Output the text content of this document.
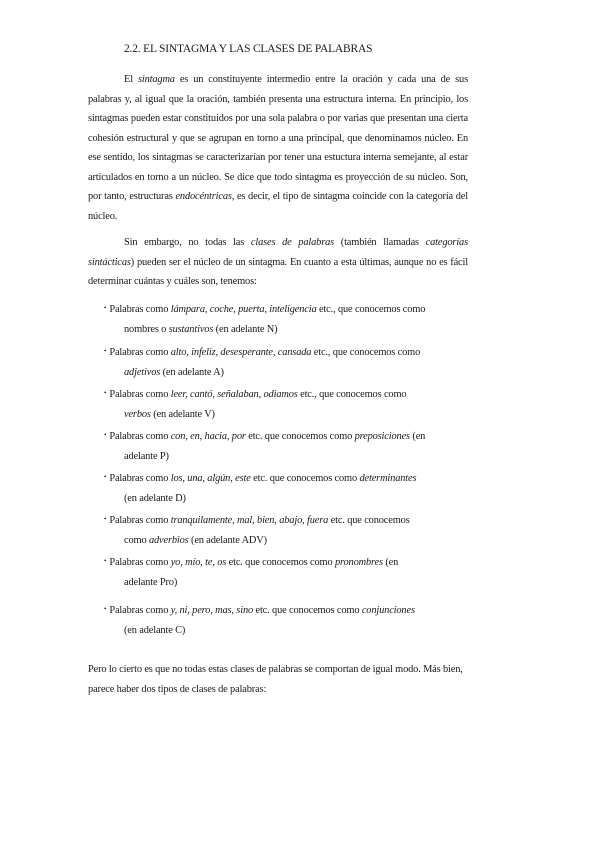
2.2. EL SINTAGMA Y LAS CLASES DE PALABRAS

El sintagma es un constituyente intermedio entre la oración y cada una de sus palabras y, al igual que la oración, también presenta una estructura interna. En principio, los sintagmas pueden estar constituidos por una sola palabra o por varias que presentan una cierta cohesión estructural y que se agrupan en torno a una principal, que denominamos núcleo. En ese sentido, los sintagmas se caracterizarían por tener una estuctura interna semejante, al estar articulados en torno a un núcleo. Se dice que todo sintagma es proyección de su núcleo. Son, por tanto, estructuras endocéntricas, es decir, el tipo de sintagma coincide con la categoría del núcleo.

Sin embargo, no todas las clases de palabras (también llamadas categorías sintácticas) pueden ser el núcleo de un sintagma. En cuanto a esta últimas, aunque no es fácil determinar cuántas y cuáles son, tenemos:

• Palabras como lámpara, coche, puerta, inteligencia etc., que conocemos como
nombres o sustantivos (en adelante N)
• Palabras como alto, infeliz, desesperante, cansada etc., que conocemos como
adjetivos (en adelante A)
• Palabras como leer, cantó, señalaban, odiamos etc., que conocemos como
verbos (en adelante V)
• Palabras como con, en, hacia, por etc. que conocemos como preposiciones (en
adelante P)
• Palabras como los, una, algún, este etc. que conocemos como determinantes
(en adelante D)
• Palabras como tranquilamente, mal, bien, abajo, fuera etc. que conocemos
como adverbios (en adelante ADV)
• Palabras como yo, mío, te, os etc. que conocemos como pronombres (en
adelante Pro)
• Palabras como y, ni, pero, mas, sino etc. que conocemos como conjunciones
(en adelante C)

Pero lo cierto es que no todas estas clases de palabras se comportan de igual modo. Más bien, parece haber dos tipos de clases de palabras:
